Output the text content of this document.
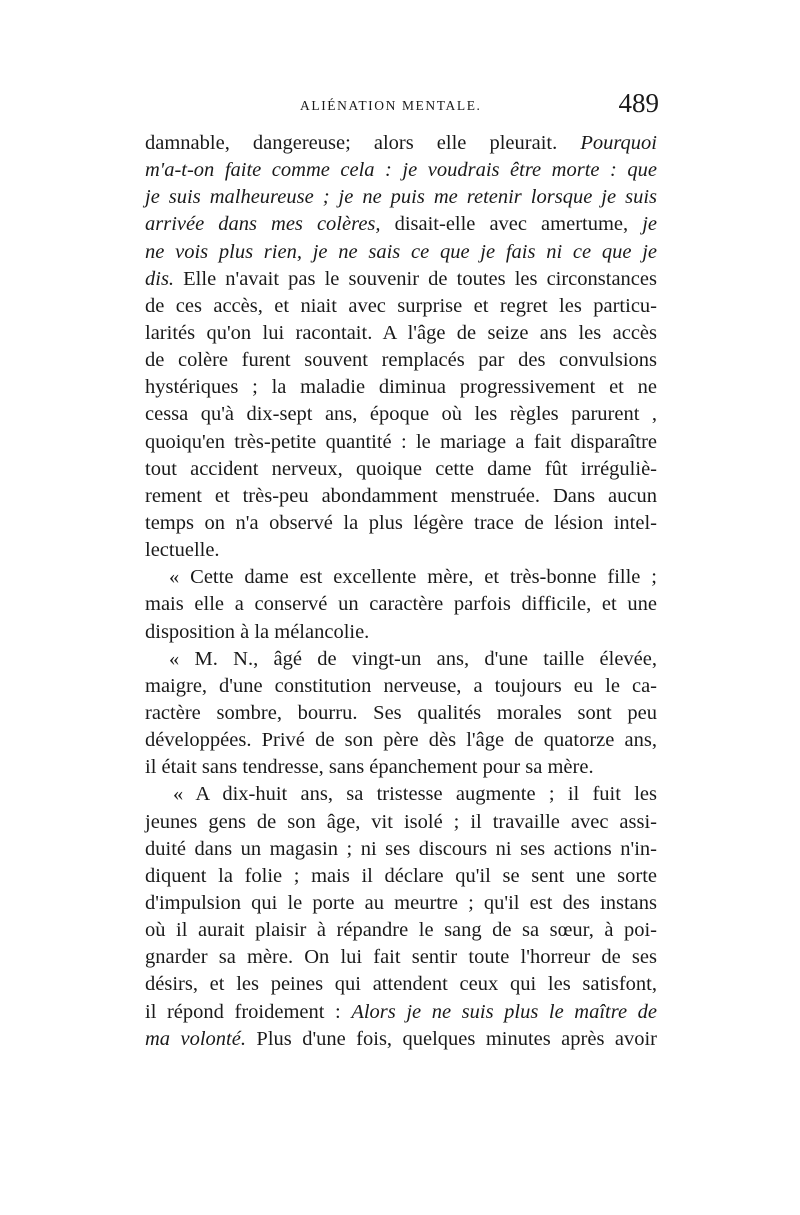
ALIÉNATION MENTALE.	489
damnable, dangereuse; alors elle pleurait. Pourquoi
m'a-t-on faite comme cela : je voudrais être morte : que
je suis malheureuse ; je ne puis me retenir lorsque je suis
arrivée dans mes colères, disait-elle avec amertume, je
ne vois plus rien, je ne sais ce que je fais ni ce que je
dis. Elle n'avait pas le souvenir de toutes les circonstances
de ces accès, et niait avec surprise et regret les particu-
larités qu'on lui racontait. A l'âge de seize ans les accès
de colère furent souvent remplacés par des convulsions
hystériques ; la maladie diminua progressivement et ne
cessa qu'à dix-sept ans, époque où les règles parurent ,
quoiqu'en très-petite quantité : le mariage a fait disparaître
tout accident nerveux, quoique cette dame fût irréguliè-
rement et très-peu abondamment menstruée. Dans aucun
temps on n'a observé la plus légère trace de lésion intel-
lectuelle.
« Cette dame est excellente mère, et très-bonne fille ;
mais elle a conservé un caractère parfois difficile, et une
disposition à la mélancolie.
« M. N., âgé de vingt-un ans, d'une taille élevée,
maigre, d'une constitution nerveuse, a toujours eu le ca-
ractère sombre, bourru. Ses qualités morales sont peu
développées. Privé de son père dès l'âge de quatorze ans,
il était sans tendresse, sans épanchement pour sa mère.
« A dix-huit ans, sa tristesse augmente ; il fuit les
jeunes gens de son âge, vit isolé ; il travaille avec assi-
duité dans un magasin ; ni ses discours ni ses actions n'in-
diquent la folie ; mais il déclare qu'il se sent une sorte
d'impulsion qui le porte au meurtre ; qu'il est des instans
où il aurait plaisir à répandre le sang de sa sœur, à poi-
gnarder sa mère. On lui fait sentir toute l'horreur de ses
désirs, et les peines qui attendent ceux qui les satisfont,
il répond froidement : Alors je ne suis plus le maître de
ma volonté. Plus d'une fois, quelques minutes après avoir
